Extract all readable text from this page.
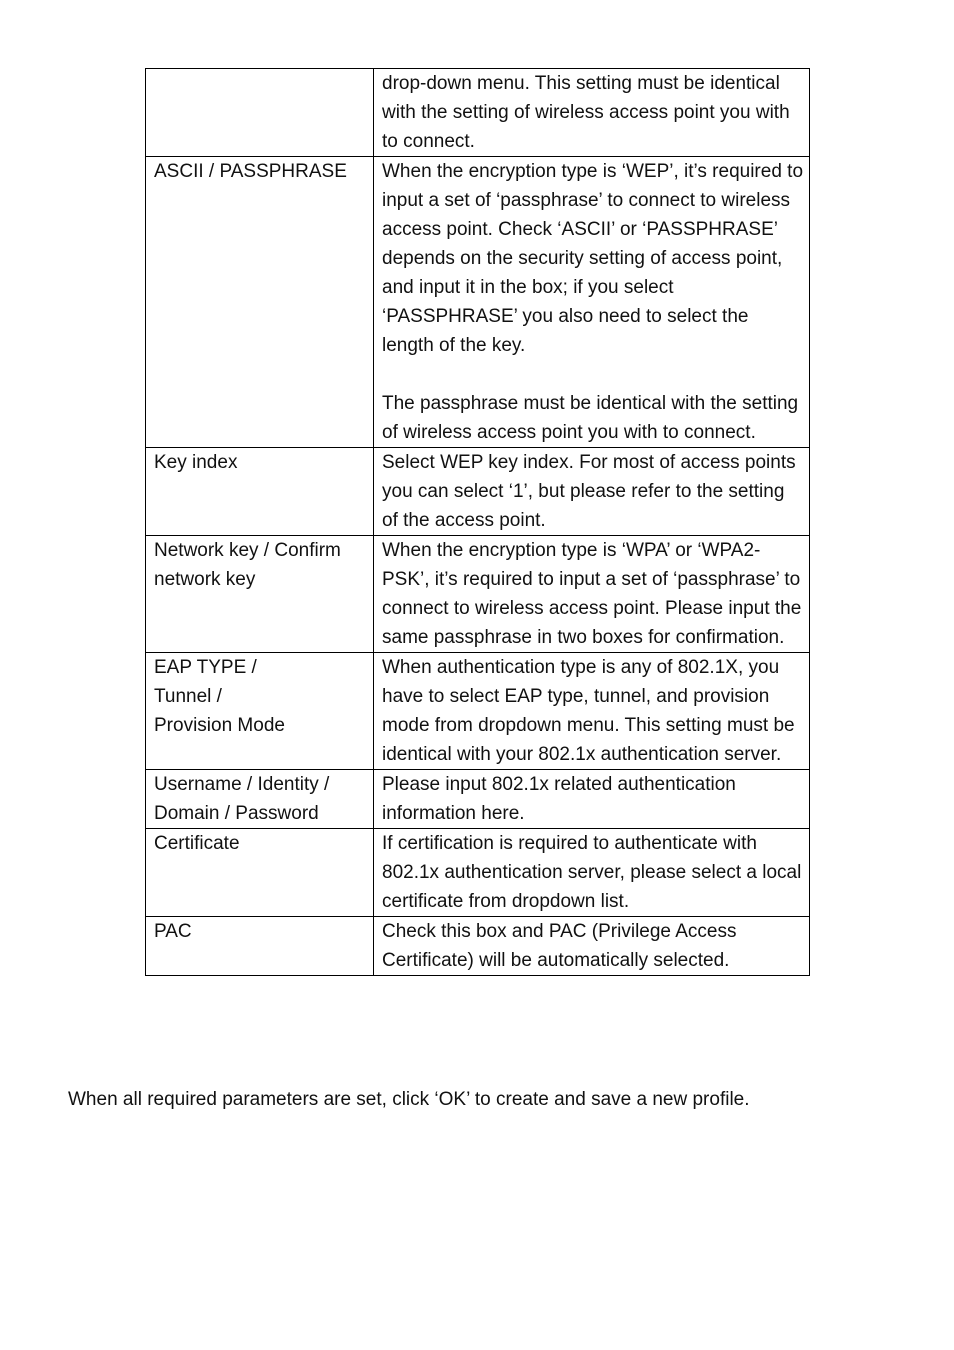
	drop-down menu. This setting must be identical with the setting of wireless access point you with to connect.
ASCII / PASSPHRASE	When the encryption type is ‘WEP’, it’s required to input a set of ‘passphrase’ to connect to wireless access point. Check ‘ASCII’ or ‘PASSPHRASE’ depends on the security setting of access point, and input it in the box; if you select ‘PASSPHRASE’ you also need to select the length of the key.

The passphrase must be identical with the setting of wireless access point you with to connect.
Key index	Select WEP key index. For most of access points you can select ‘1’, but please refer to the setting of the access point.
Network key / Confirm network key	When the encryption type is ‘WPA’ or ‘WPA2-PSK’, it’s required to input a set of ‘passphrase’ to connect to wireless access point. Please input the same passphrase in two boxes for confirmation.
EAP TYPE /
Tunnel /
Provision Mode	When authentication type is any of 802.1X, you have to select EAP type, tunnel, and provision mode from dropdown menu. This setting must be identical with your 802.1x authentication server.
Username / Identity / Domain / Password	Please input 802.1x related authentication information here.
Certificate	If certification is required to authenticate with 802.1x authentication server, please select a local certificate from dropdown list.
PAC	Check this box and PAC (Privilege Access Certificate) will be automatically selected.

When all required parameters are set, click ‘OK’ to create and save a new profile.
